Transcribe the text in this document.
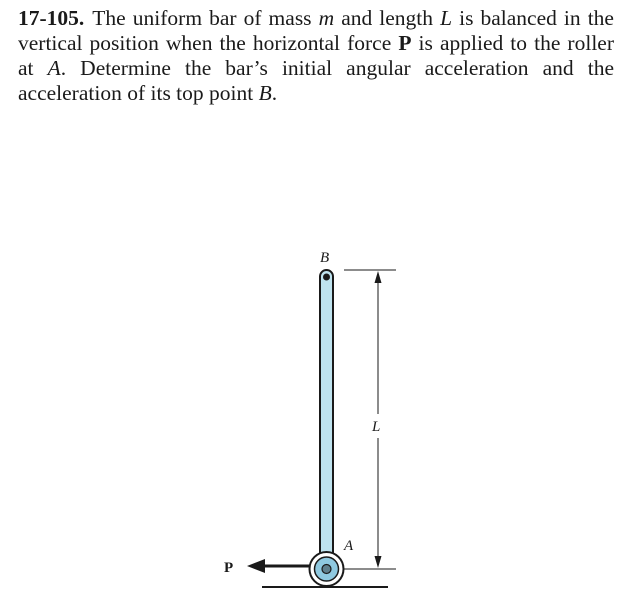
17-105. The uniform bar of mass m and length L is balanced in the vertical position when the horizontal force P is applied to the roller at A. Determine the bar’s initial angular acceleration and the acceleration of its top point B.

B
A
L
P
